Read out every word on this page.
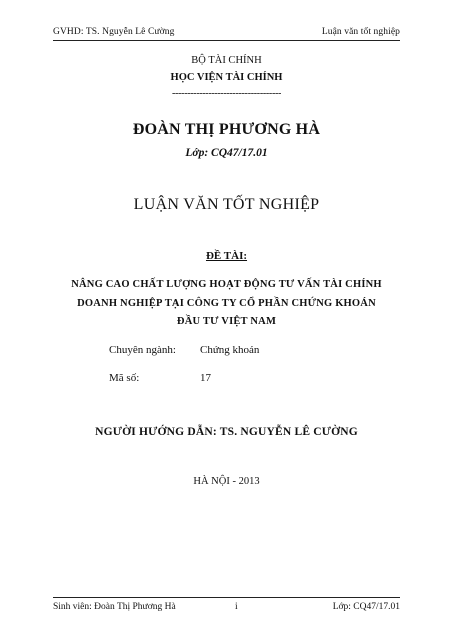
GVHD: TS. Nguyễn Lê Cường	Luận văn tốt nghiệp
BỘ TÀI CHÍNH
HỌC VIỆN TÀI CHÍNH
------------------------------------
ĐOÀN THỊ PHƯƠNG HÀ
Lớp: CQ47/17.01
LUẬN VĂN TỐT NGHIỆP
ĐỀ TÀI:
NÂNG CAO CHẤT LƯỢNG HOẠT ĐỘNG TƯ VẤN TÀI CHÍNH
DOANH NGHIỆP TẠI CÔNG TY CỔ PHẦN CHỨNG KHOÁN
ĐẦU TƯ VIỆT NAM
Chuyên ngành: Chứng khoán
Mã số:	17
NGƯỜI HƯỚNG DẪN: TS. NGUYỄN LÊ CƯỜNG
HÀ NỘI - 2013
Sinh viên: Đoàn Thị Phương Hà	i	Lớp: CQ47/17.01
